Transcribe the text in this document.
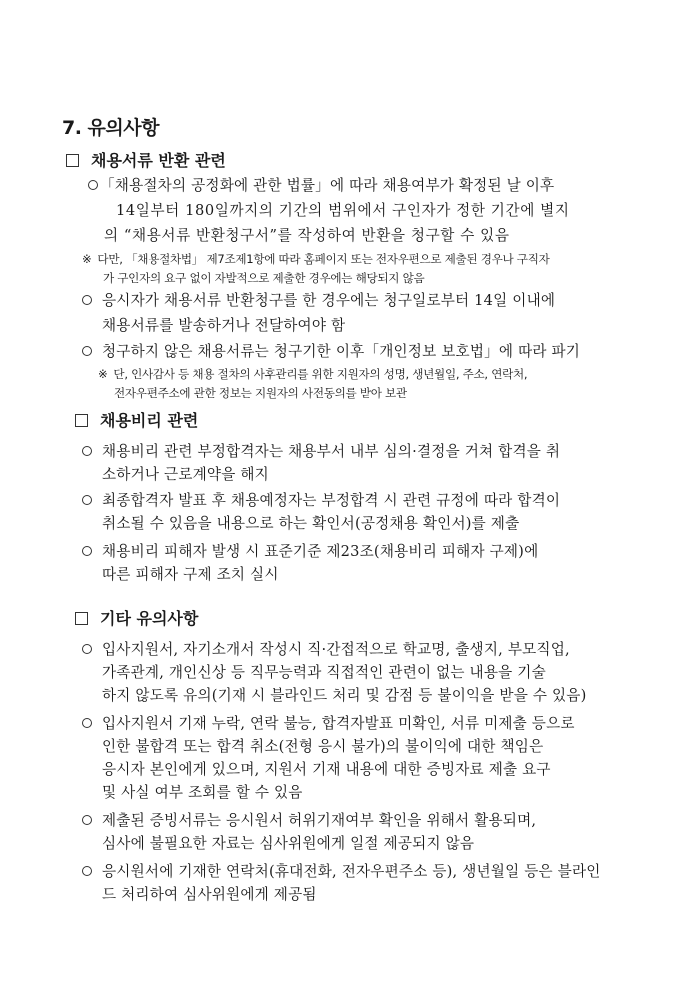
7. 유의사항
채용서류 반환 관련
「채용절차의 공정화에 관한 법률」에 따라 채용여부가 확정된 날 이후
14일부터 180일까지의 기간의 범위에서 구인자가 정한 기간에 별지
의 “채용서류 반환청구서”를 작성하여 반환을 청구할 수 있음
※ 다만, 「채용절차법」 제7조제1항에 따라 홈페이지 또는 전자우편으로 제출된 경우나 구직자
가 구인자의 요구 없이 자발적으로 제출한 경우에는 해당되지 않음
응시자가 채용서류 반환청구를 한 경우에는 청구일로부터 14일 이내에
채용서류를 발송하거나 전달하여야 함
청구하지 않은 채용서류는 청구기한 이후「개인정보 보호법」에 따라 파기
※ 단, 인사감사 등 채용 절차의 사후관리를 위한 지원자의 성명, 생년월일, 주소, 연락처,
전자우편주소에 관한 정보는 지원자의 사전동의를 받아 보관
채용비리 관련
채용비리 관련 부정합격자는 채용부서 내부 심의·결정을 거쳐 합격을 취
소하거나 근로계약을 해지
최종합격자 발표 후 채용예정자는 부정합격 시 관련 규정에 따라 합격이
취소될 수 있음을 내용으로 하는 확인서(공정채용 확인서)를 제출
채용비리 피해자 발생 시 표준기준 제23조(채용비리 피해자 구제)에
따른 피해자 구제 조치 실시
기타 유의사항
입사지원서, 자기소개서 작성시 직·간접적으로 학교명, 출생지, 부모직업,
가족관계, 개인신상 등 직무능력과 직접적인 관련이 없는 내용을 기술
하지 않도록 유의(기재 시 블라인드 처리 및 감점 등 불이익을 받을 수 있음)
입사지원서 기재 누락, 연락 불능, 합격자발표 미확인, 서류 미제출 등으로
인한 불합격 또는 합격 취소(전형 응시 불가)의 불이익에 대한 책임은
응시자 본인에게 있으며, 지원서 기재 내용에 대한 증빙자료 제출 요구
및 사실 여부 조회를 할 수 있음
제출된 증빙서류는 응시원서 허위기재여부 확인을 위해서 활용되며,
심사에 불필요한 자료는 심사위원에게 일절 제공되지 않음
응시원서에 기재한 연락처(휴대전화, 전자우편주소 등), 생년월일 등은 블라인
드 처리하여 심사위원에게 제공됨
